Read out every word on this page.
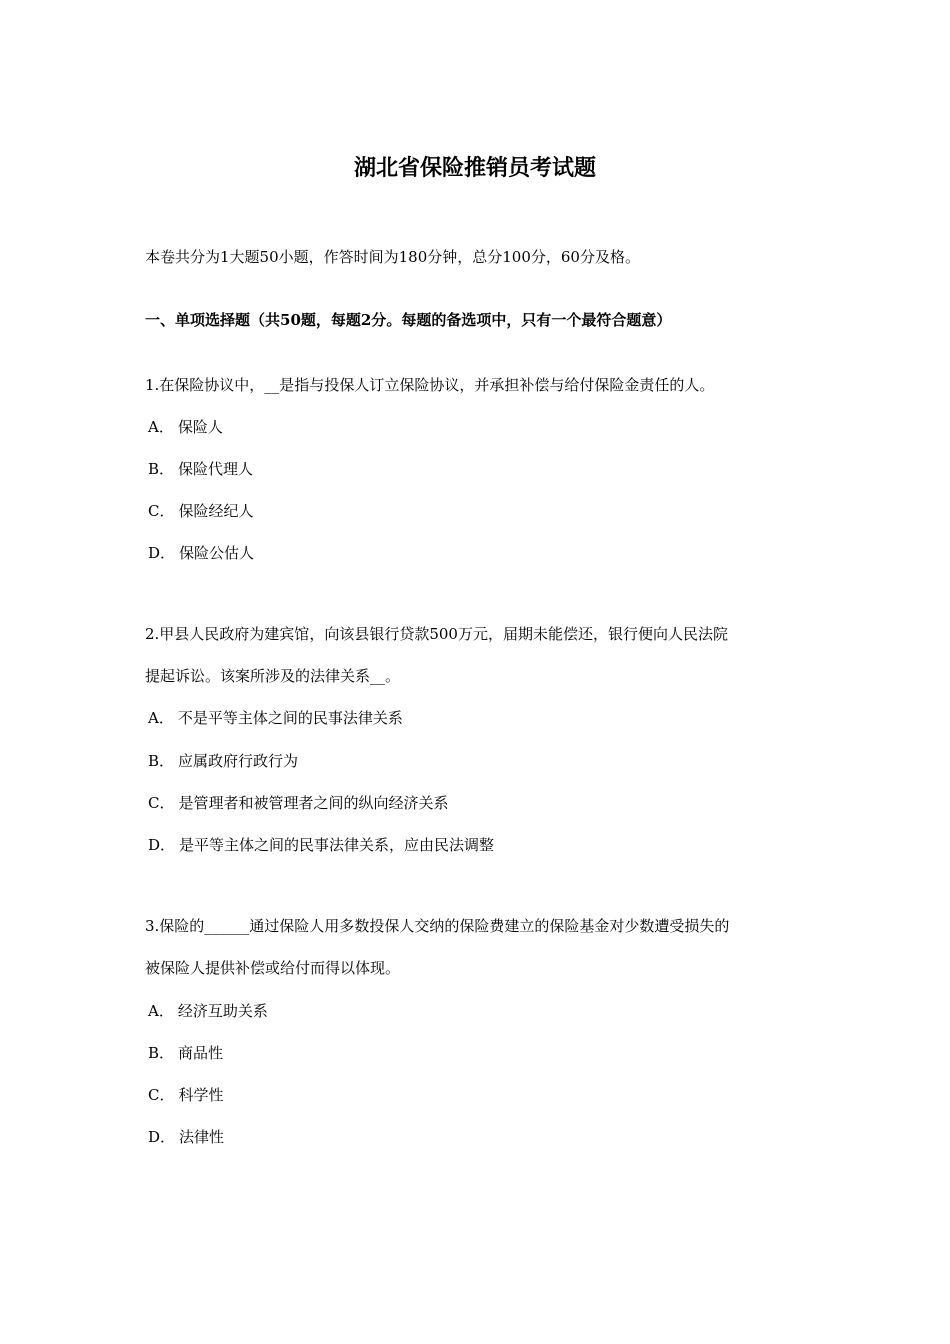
湖北省保险推销员考试题
本卷共分为1大题50小题，作答时间为180分钟，总分100分，60分及格。
一、单项选择题（共50题，每题2分。每题的备选项中，只有一个最符合题意）
1.在保险协议中，__是指与投保人订立保险协议，并承担补偿与给付保险金责任的人。
A． 保险人
B． 保险代理人
C． 保险经纪人
D． 保险公估人
2.甲县人民政府为建宾馆，向该县银行贷款500万元，届期未能偿还，银行便向人民法院
提起诉讼。该案所涉及的法律关系__。
A． 不是平等主体之间的民事法律关系
B． 应属政府行政行为
C． 是管理者和被管理者之间的纵向经济关系
D． 是平等主体之间的民事法律关系，应由民法调整
3.保险的______通过保险人用多数投保人交纳的保险费建立的保险基金对少数遭受损失的
被保险人提供补偿或给付而得以体现。
A． 经济互助关系
B． 商品性
C． 科学性
D． 法律性
